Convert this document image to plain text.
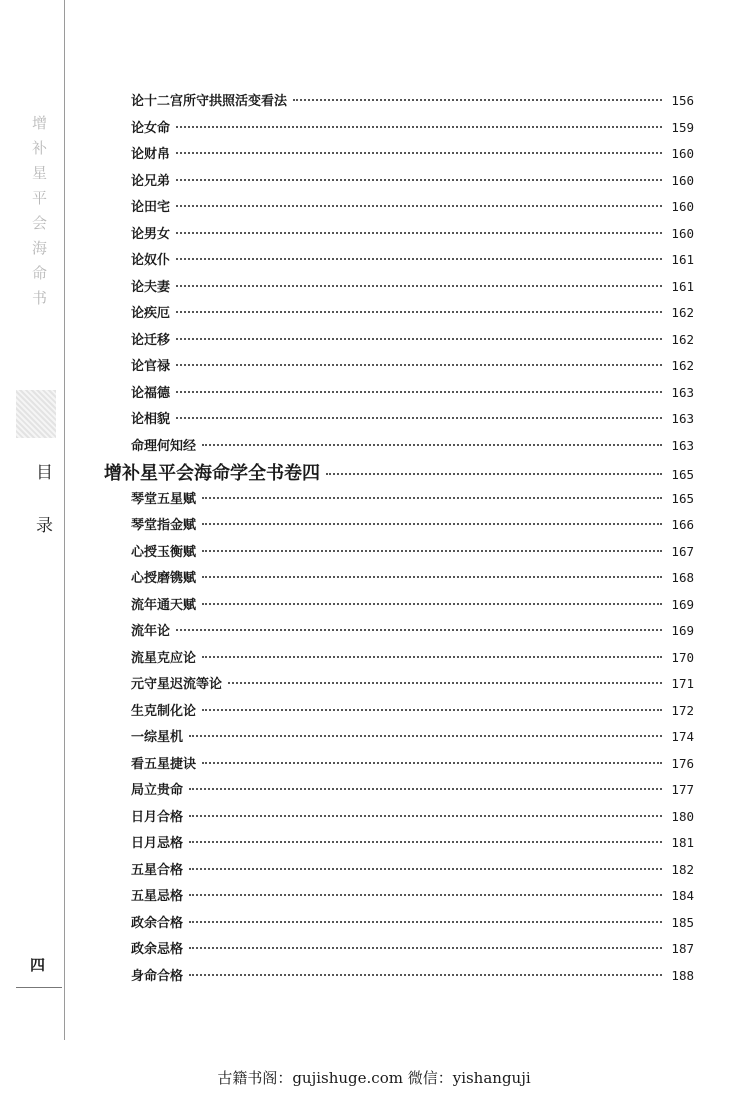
增补星平会海命书
目录
四
论十二宫所守拱照活变看法	156
论女命	159
论财帛	160
论兄弟	160
论田宅	160
论男女	160
论奴仆	161
论夫妻	161
论疾厄	162
论迁移	162
论官禄	162
论福德	163
论相貌	163
命理何知经	163
增补星平会海命学全书卷四	165
琴堂五星赋	165
琴堂指金赋	166
心授玉衡赋	167
心授磨镌赋	168
流年通天赋	169
流年论	169
流星克应论	170
元守星迟流等论	171
生克制化论	172
一综星机	174
看五星捷诀	176
局立贵命	177
日月合格	180
日月忌格	181
五星合格	182
五星忌格	184
政余合格	185
政余忌格	187
身命合格	188
古籍书阁：gujishuge.com 微信：yishanguji
